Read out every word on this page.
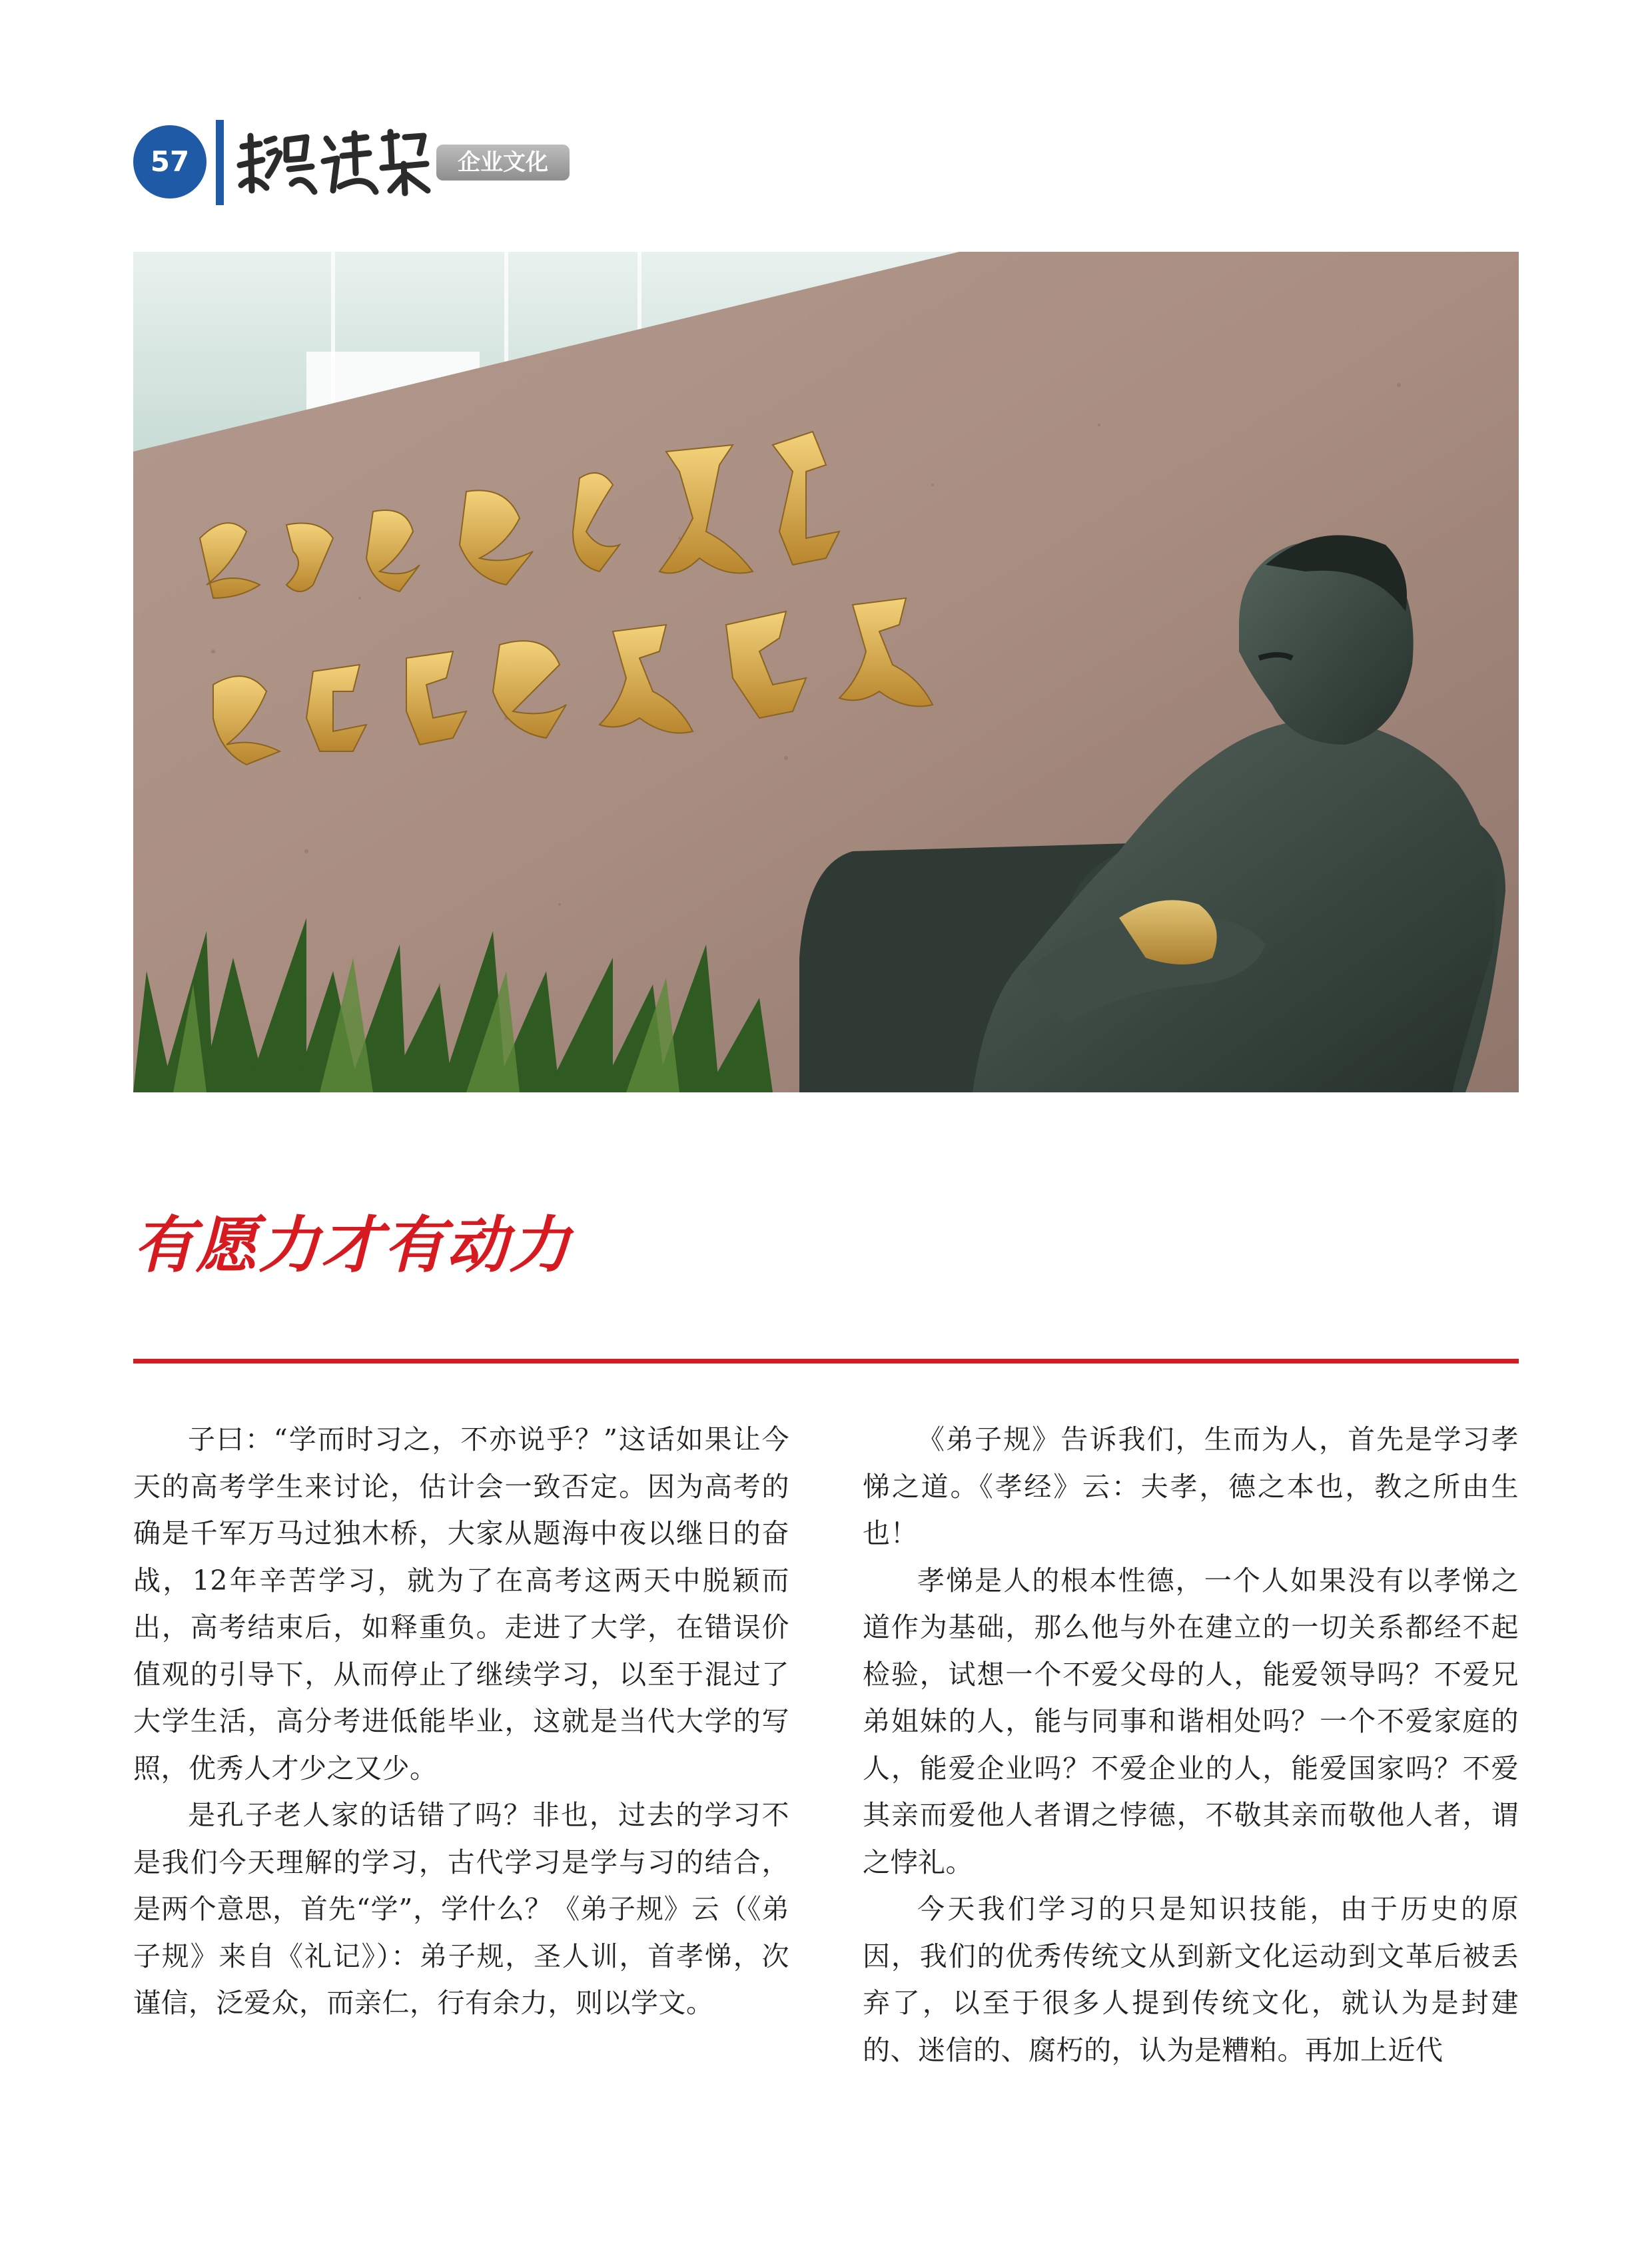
57	企业文化
有愿力才有动力

子曰：“学而时习之，不亦说乎？”这话如果让今天的高考学生来讨论，估计会一致否定。因为高考的确是千军万马过独木桥，大家从题海中夜以继日的奋战，12年辛苦学习，就为了在高考这两天中脱颖而出，高考结束后，如释重负。走进了大学，在错误价值观的引导下，从而停止了继续学习，以至于混过了大学生活，高分考进低能毕业，这就是当代大学的写照，优秀人才少之又少。

是孔子老人家的话错了吗？非也，过去的学习不是我们今天理解的学习，古代学习是学与习的结合，是两个意思，首先“学”，学什么？《弟子规》云（《弟子规》来自《礼记》）：弟子规，圣人训，首孝悌，次谨信，泛爱众，而亲仁，行有余力，则以学文。

《弟子规》告诉我们，生而为人，首先是学习孝悌之道。《孝经》云：夫孝，德之本也，教之所由生也！

孝悌是人的根本性德，一个人如果没有以孝悌之道作为基础，那么他与外在建立的一切关系都经不起检验，试想一个不爱父母的人，能爱领导吗？不爱兄弟姐妹的人，能与同事和谐相处吗？一个不爱家庭的人，能爱企业吗？不爱企业的人，能爱国家吗？不爱其亲而爱他人者谓之悖德，不敬其亲而敬他人者，谓之悖礼。

今天我们学习的只是知识技能，由于历史的原因，我们的优秀传统文从到新文化运动到文革后被丢弃了，以至于很多人提到传统文化，就认为是封建的、迷信的、腐朽的，认为是糟粕。再加上近代
